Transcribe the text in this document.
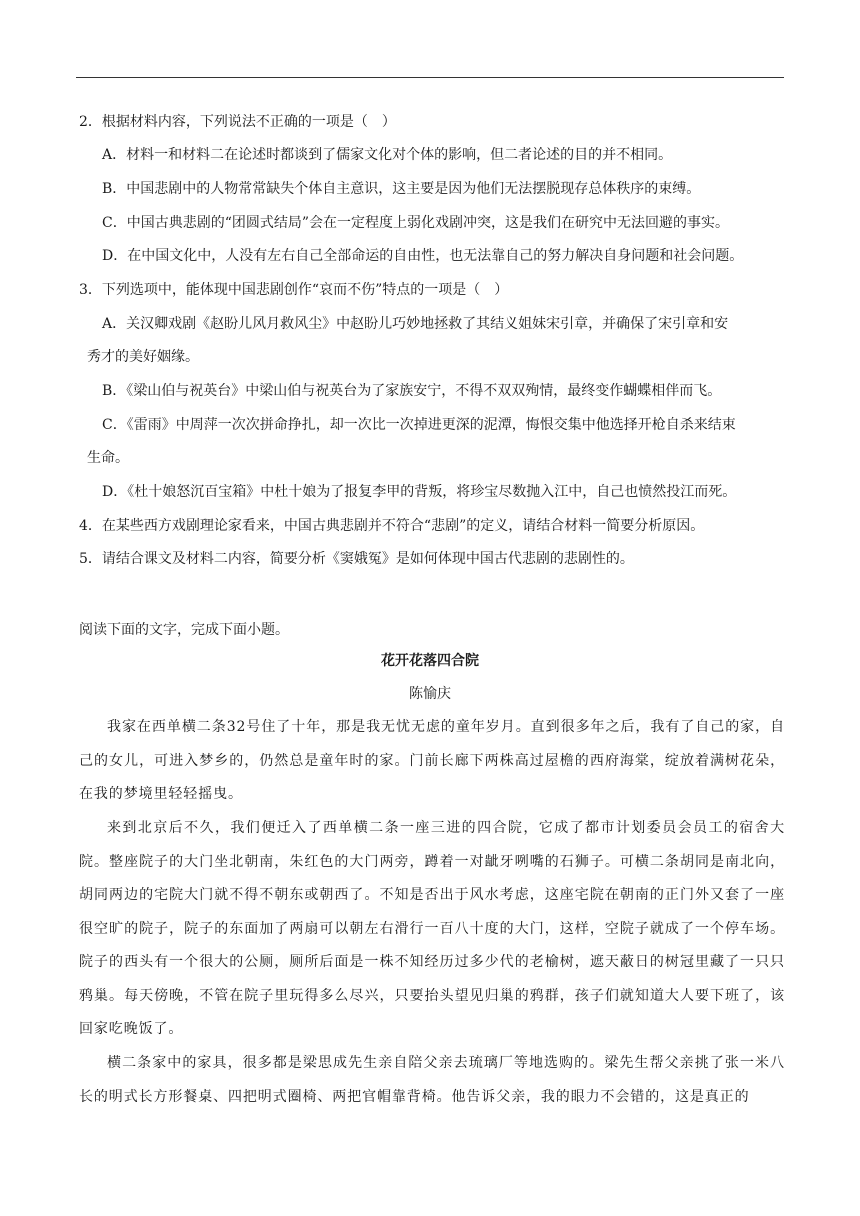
2．根据材料内容，下列说法不正确的一项是（　）
A．材料一和材料二在论述时都谈到了儒家文化对个体的影响，但二者论述的目的并不相同。
B．中国悲剧中的人物常常缺失个体自主意识，这主要是因为他们无法摆脱现存总体秩序的束缚。
C．中国古典悲剧的“团圆式结局”会在一定程度上弱化戏剧冲突，这是我们在研究中无法回避的事实。
D．在中国文化中，人没有左右自己全部命运的自由性，也无法靠自己的努力解决自身问题和社会问题。
3．下列选项中，能体现中国悲剧创作“哀而不伤”特点的一项是（　）
A．关汉卿戏剧《赵盼儿风月救风尘》中赵盼儿巧妙地拯救了其结义姐妹宋引章，并确保了宋引章和安
秀才的美好姻缘。
B．《梁山伯与祝英台》中梁山伯与祝英台为了家族安宁，不得不双双殉情，最终变作蝴蝶相伴而飞。
C．《雷雨》中周萍一次次拼命挣扎，却一次比一次掉进更深的泥潭，悔恨交集中他选择开枪自杀来结束
生命。
D．《杜十娘怒沉百宝箱》中杜十娘为了报复李甲的背叛，将珍宝尽数抛入江中，自己也愤然投江而死。
4．在某些西方戏剧理论家看来，中国古典悲剧并不符合“悲剧”的定义，请结合材料一简要分析原因。
5．请结合课文及材料二内容，简要分析《窦娥冤》是如何体现中国古代悲剧的悲剧性的。
阅读下面的文字，完成下面小题。
花开花落四合院
陈愉庆
我家在西单横二条32号住了十年，那是我无忧无虑的童年岁月。直到很多年之后，我有了自己的家，自己的女儿，可进入梦乡的，仍然总是童年时的家。门前长廊下两株高过屋檐的西府海棠，绽放着满树花朵，在我的梦境里轻轻摇曳。
来到北京后不久，我们便迁入了西单横二条一座三进的四合院，它成了都市计划委员会员工的宿舍大院。整座院子的大门坐北朝南，朱红色的大门两旁，蹲着一对龇牙咧嘴的石狮子。可横二条胡同是南北向，胡同两边的宅院大门就不得不朝东或朝西了。不知是否出于风水考虑，这座宅院在朝南的正门外又套了一座很空旷的院子，院子的东面加了两扇可以朝左右滑行一百八十度的大门，这样，空院子就成了一个停车场。院子的西头有一个很大的公厕，厕所后面是一株不知经历过多少代的老榆树，遮天蔽日的树冠里藏了一只只鸦巢。每天傍晚，不管在院子里玩得多么尽兴，只要抬头望见归巢的鸦群，孩子们就知道大人要下班了，该回家吃晚饭了。
横二条家中的家具，很多都是梁思成先生亲自陪父亲去琉璃厂等地选购的。梁先生帮父亲挑了张一米八长的明式长方形餐桌、四把明式圈椅、两把官帽靠背椅。他告诉父亲，我的眼力不会错的，这是真正的
